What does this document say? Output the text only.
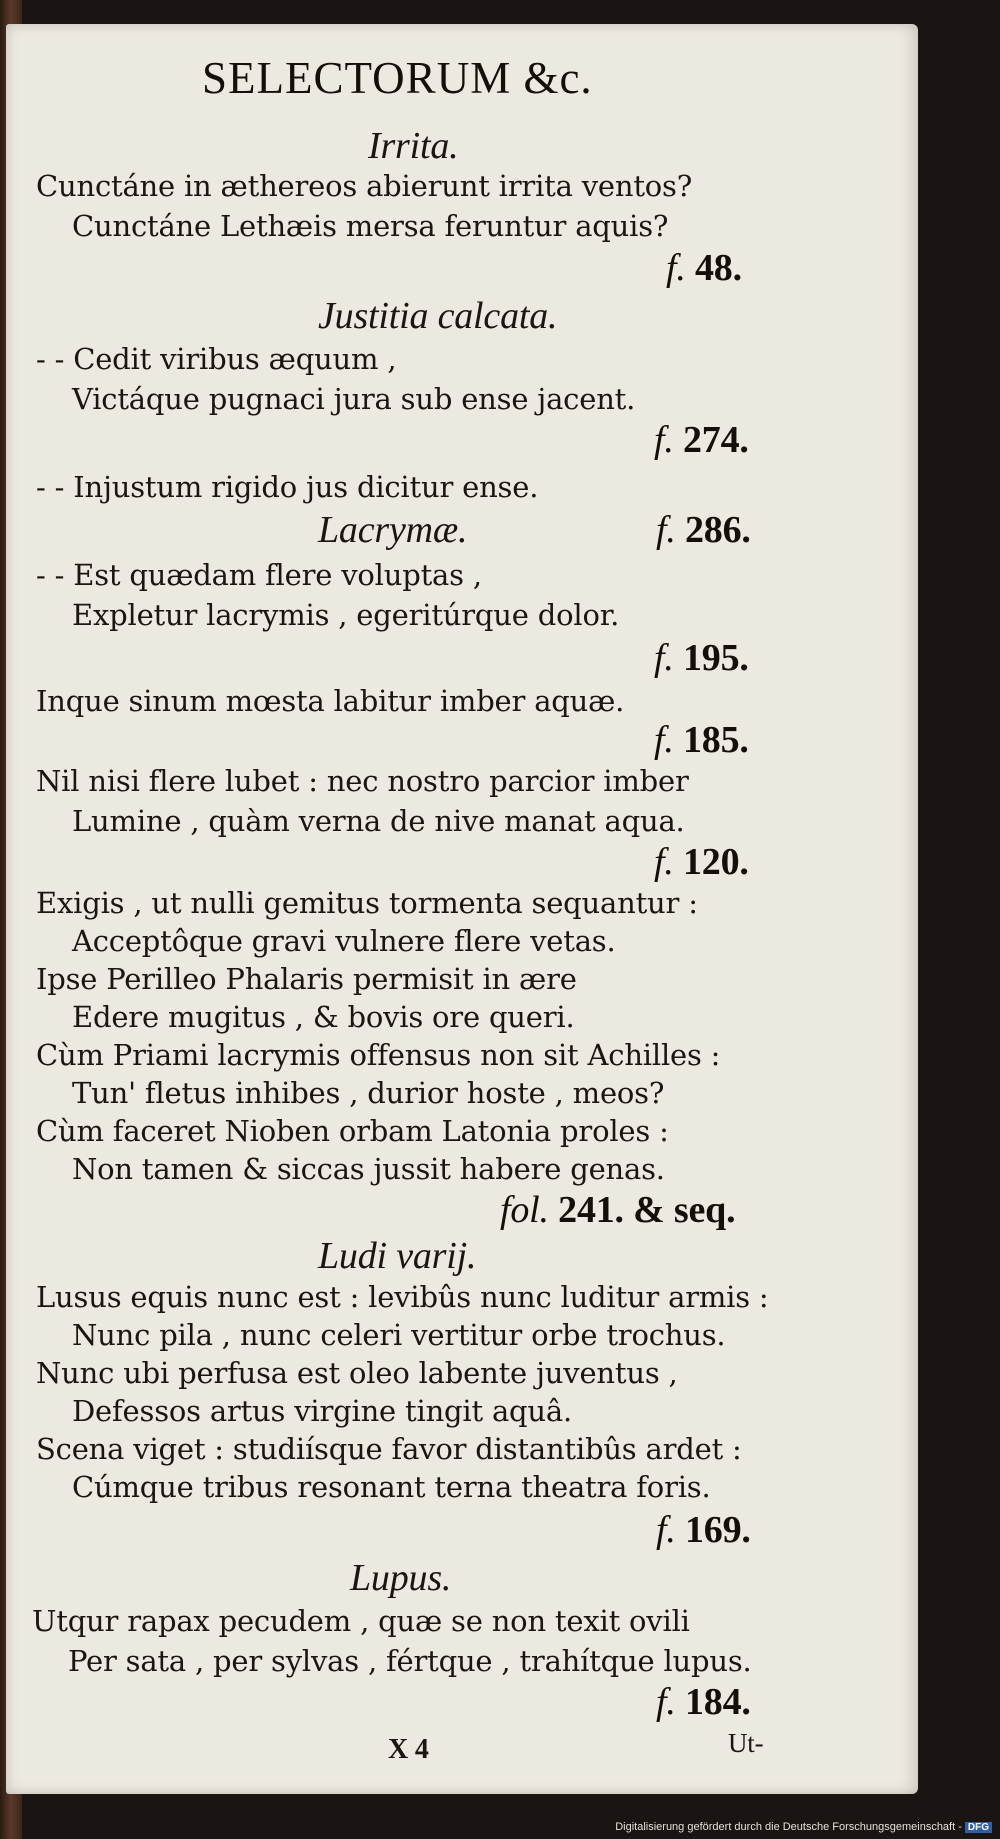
SELECTORUM &c.
Irrita.
Cunctáne in æthereos abierunt irrita ventos?
Cunctáne Lethæis mersa feruntur aquis?
f. 48.
Justitia calcata.
- - Cedit viribus æquum ,
Victáque pugnaci jura sub ense jacent.
f. 274.
- - Injustum rigido jus dicitur ense.
Lacrymæ.	f. 286.
- - Est quædam flere voluptas ,
Expletur lacrymis , egeritúrque dolor.
f. 195.
Inque sinum mœsta labitur imber aquæ.
f. 185.
Nil nisi flere lubet : nec nostro parcior imber
Lumine , quàm verna de nive manat aqua.
f. 120.
Exigis , ut nulli gemitus tormenta sequantur :
Acceptôque gravi vulnere flere vetas.
Ipse Perilleo Phalaris permisit in ære
Edere mugitus , & bovis ore queri.
Cùm Priami lacrymis offensus non sit Achilles :
Tun' fletus inhibes , durior hoste , meos?
Cùm faceret Nioben orbam Latonia proles :
Non tamen & siccas jussit habere genas.
fol. 241. & seq.
Ludi varij.
Lusus equis nunc est : levibûs nunc luditur armis :
Nunc pila , nunc celeri vertitur orbe trochus.
Nunc ubi perfusa est oleo labente juventus ,
Defessos artus virgine tingit aquâ.
Scena viget : studiísque favor distantibûs ardet :
Cúmque tribus resonant terna theatra foris.
f. 169.
Lupus.
Utqur rapax pecudem , quæ se non texit ovili
Per sata , per sylvas , fértque , trahítque lupus.
f. 184.
X 4	Ut-
Digitalisierung gefördert durch die Deutsche Forschungsgemeinschaft - DFG
